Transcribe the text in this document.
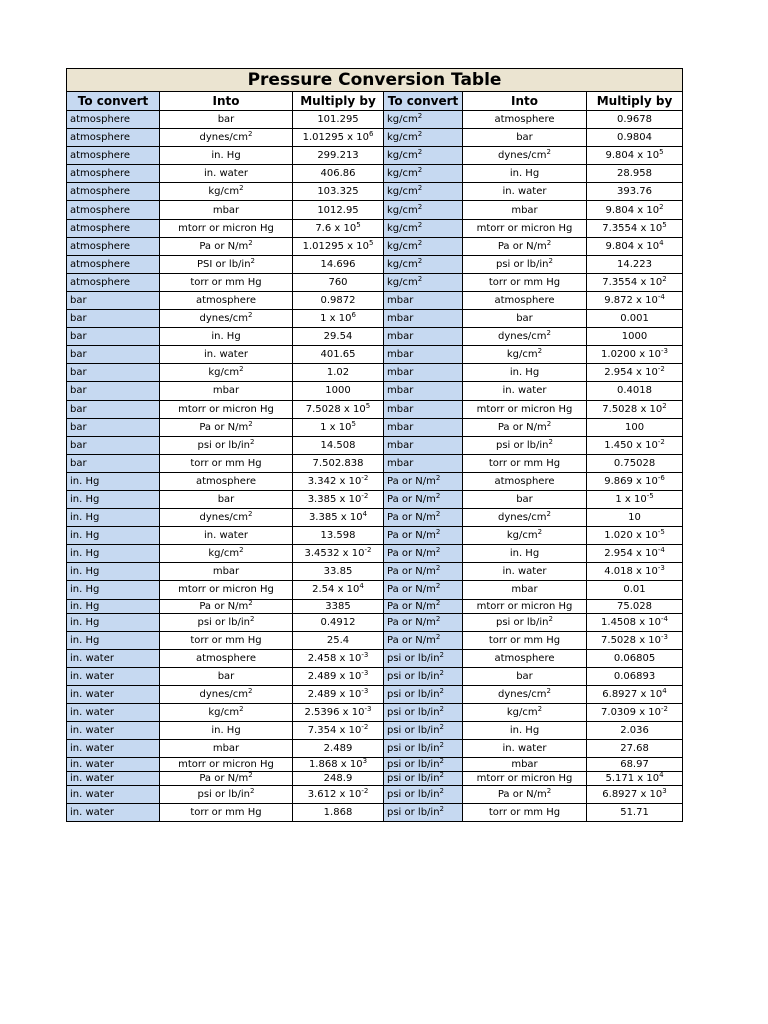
Pressure Conversion Table					
To convert	Into	Multiply by	To convert	Into	Multiply by
atmosphere	bar	101.295	$kg/cm^2$	atmosphere	0.9678
atmosphere	dynes/$cm^2$	1.01295 x $10^6$	$kg/cm^2$	bar	0.9804
atmosphere	in. Hg	299.213	$kg/cm^2$	dynes/$cm^2$	9.804 x $10^5$
atmosphere	in. water	406.86	$kg/cm^2$	in. Hg	28.958
atmosphere	$kg/cm^2$	103.325	$kg/cm^2$	in. water	393.76
atmosphere	mbar	1012.95	$kg/cm^2$	mbar	9.804 x $10^2$
atmosphere	mtorr or micron Hg	7.6 x $10^5$	$kg/cm^2$	mtorr or micron Hg	7.3554 x $10^5$
atmosphere	Pa or $N/m^2$	1.01295 x $10^5$	$kg/cm^2$	Pa or $N/m^2$	9.804 x $10^4$
atmosphere	PSI or $lb/in^2$	14.696	$kg/cm^2$	psi or $lb/in^2$	14.223
atmosphere	torr or mm Hg	760	$kg/cm^2$	torr or mm Hg	7.3554 x $10^2$
bar	atmosphere	0.9872	mbar	atmosphere	9.872 x $10^{-4}$
bar	dynes/$cm^2$	1 x $10^6$	mbar	bar	0.001
bar	in. Hg	29.54	mbar	dynes/$cm^2$	1000
bar	in. water	401.65	mbar	$kg/cm^2$	1.0200 x $10^{-3}$
bar	$kg/cm^2$	1.02	mbar	in. Hg	2.954 x $10^{-2}$
bar	mbar	1000	mbar	in. water	0.4018
bar	mtorr or micron Hg	7.5028 x $10^5$	mbar	mtorr or micron Hg	7.5028 x $10^2$
bar	Pa or $N/m^2$	1 x $10^5$	mbar	Pa or $N/m^2$	100
bar	psi or $lb/in^2$	14.508	mbar	psi or $lb/in^2$	1.450 x $10^{-2}$
bar	torr or mm Hg	7.502.838	mbar	torr or mm Hg	0.75028
in. Hg	atmosphere	3.342 x $10^{-2}$	Pa or $N/m^2$	atmosphere	9.869 x $10^{-6}$
in. Hg	bar	3.385 x $10^{-2}$	Pa or $N/m^2$	bar	1 x $10^{-5}$
in. Hg	dynes/$cm^2$	3.385 x $10^4$	Pa or $N/m^2$	dynes/$cm^2$	10
in. Hg	in. water	13.598	Pa or $N/m^2$	$kg/cm^2$	1.020 x $10^{-5}$
in. Hg	$kg/cm^2$	3.4532 x $10^{-2}$	Pa or $N/m^2$	in. Hg	2.954 x $10^{-4}$
in. Hg	mbar	33.85	Pa or $N/m^2$	in. water	4.018 x $10^{-3}$
in. Hg	mtorr or micron Hg	2.54 x $10^4$	Pa or $N/m^2$	mbar	0.01
in. Hg	Pa or $N/m^2$	3385	Pa or $N/m^2$	mtorr or micron Hg	75.028
in. Hg	psi or $lb/in^2$	0.4912	Pa or $N/m^2$	psi or $lb/in^2$	1.4508 x $10^{-4}$
in. Hg	torr or mm Hg	25.4	Pa or $N/m^2$	torr or mm Hg	7.5028 x $10^{-3}$
in. water	atmosphere	2.458 x $10^{-3}$	psi or $lb/in^2$	atmosphere	0.06805
in. water	bar	2.489 x $10^{-3}$	psi or $lb/in^2$	bar	0.06893
in. water	dynes/$cm^2$	2.489 x $10^{-3}$	psi or $lb/in^2$	dynes/$cm^2$	6.8927 x $10^4$
in. water	$kg/cm^2$	2.5396 x $10^{-3}$	psi or $lb/in^2$	$kg/cm^2$	7.0309 x $10^{-2}$
in. water	in. Hg	7.354 x $10^{-2}$	psi or $lb/in^2$	in. Hg	2.036
in. water	mbar	2.489	psi or $lb/in^2$	in. water	27.68
in. water	mtorr or micron Hg	1.868 x $10^3$	psi or $lb/in^2$	mbar	68.97
in. water	Pa or $N/m^2$	248.9	psi or $lb/in^2$	mtorr or micron Hg	5.171 x $10^4$
in. water	psi or $lb/in^2$	3.612 x $10^{-2}$	psi or $lb/in^2$	Pa or $N/m^2$	6.8927 x $10^3$
in. water	torr or mm Hg	1.868	psi or $lb/in^2$	torr or mm Hg	51.71
